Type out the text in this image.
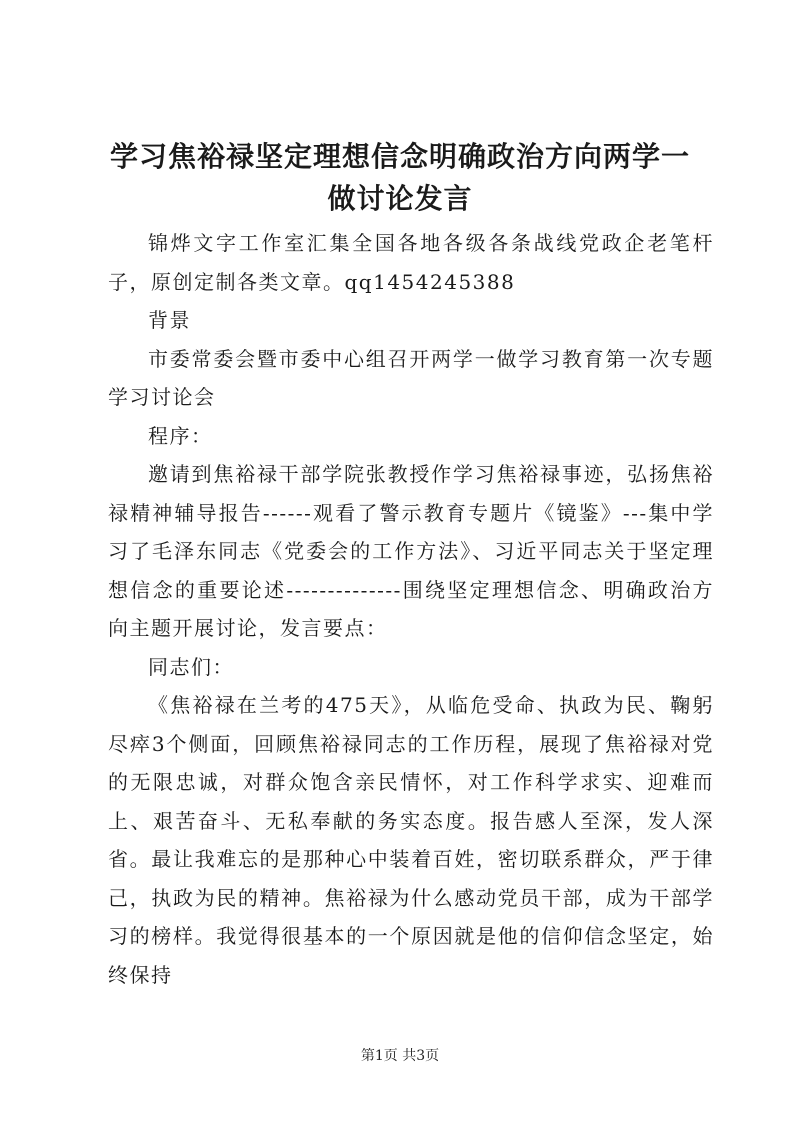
学习焦裕禄坚定理想信念明确政治方向两学一做讨论发言

锦烨文字工作室汇集全国各地各级各条战线党政企老笔杆子，原创定制各类文章。qq1454245388

背景

市委常委会暨市委中心组召开两学一做学习教育第一次专题学习讨论会

程序：

邀请到焦裕禄干部学院张教授作学习焦裕禄事迹，弘扬焦裕禄精神辅导报告------观看了警示教育专题片《镜鉴》---集中学习了毛泽东同志《党委会的工作方法》、习近平同志关于坚定理想信念的重要论述--------------围绕坚定理想信念、明确政治方向主题开展讨论，发言要点：

同志们：

《焦裕禄在兰考的475天》，从临危受命、执政为民、鞠躬尽瘁3个侧面，回顾焦裕禄同志的工作历程，展现了焦裕禄对党的无限忠诚，对群众饱含亲民情怀，对工作科学求实、迎难而上、艰苦奋斗、无私奉献的务实态度。报告感人至深，发人深省。最让我难忘的是那种心中装着百姓，密切联系群众，严于律己，执政为民的精神。焦裕禄为什么感动党员干部，成为干部学习的榜样。我觉得很基本的一个原因就是他的信仰信念坚定，始终保持

第1页 共3页
